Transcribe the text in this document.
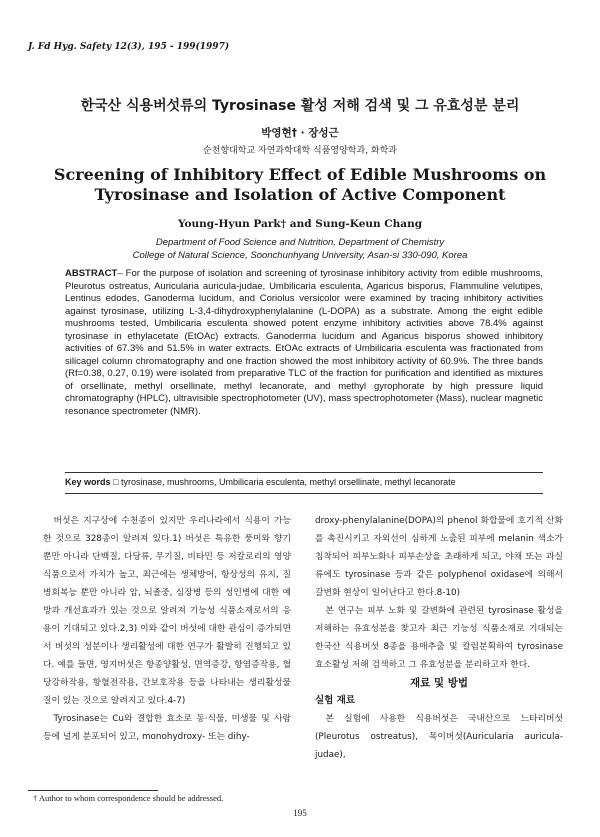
J. Fd Hyg. Safety 12(3), 195 - 199(1997)
한국산 식용버섯류의 Tyrosinase 활성 저해 검색 및 그 유효성분 분리
박영현† · 장성근
순천향대학교 자연과학대학 식품영양학과, 화학과
Screening of Inhibitory Effect of Edible Mushrooms on Tyrosinase and Isolation of Active Component
Young-Hyun Park† and Sung-Keun Chang
Department of Food Science and Nutrition, Department of Chemistry
College of Natural Science, Soonchunhyang University, Asan-si 330-090, Korea
ABSTRACT– For the purpose of isolation and screening of tyrosinase inhibitory activity from edible mushrooms, Pleurotus ostreatus, Auricularia auricula-judae, Umbilicaria esculenta, Agaricus bisporus, Flammuline velutipes, Lentinus edodes, Ganoderma lucidum, and Coriolus versicolor were examined by tracing inhibitory activities against tyrosinase, utilizing L-3,4-dihydroxyphenylalanine (L-DOPA) as a substrate. Among the eight edible mushrooms tested, Umbilicaria esculenta showed potent enzyme inhibitory activities above 78.4% against tyrosinase in ethylacetate (EtOAc) extracts. Ganoderma lucidum and Agaricus bisporus showed inhibitory activities of 67.3% and 51.5% in water extracts. EtOAc extracts of Umbilicaria esculenta was fractionated from silicagel column chromatography and one fraction showed the most inhibitory activity of 60.9%. The three bands (Rf=0.38, 0.27, 0.19) were isolated from preparative TLC of the fraction for purification and identified as mixtures of orsellinate, methyl orsellinate, methyl lecanorate, and methyl gyrophorate by high pressure liquid chromatography (HPLC), ultravisible spectrophotometer (UV), mass spectrophotometer (Mass), nuclear magnetic resonance spectrometer (NMR).
Key words □ tyrosinase, mushrooms, Umbilicaria esculenta, methyl orsellinate, methyl lecanorate

버섯은 지구상에 수천종이 있지만 우리나라에서 식용이 가능한 것으로 328종이 알려져 있다.1) 버섯은 특유한 풍미와 향기 뿐만 아니라 단백질, 다당류, 무기질, 비타민 등 저칼로리의 영양식품으로서 가치가 높고, 최근에는 생체방어, 항상성의 유지, 질병회복능 뿐만 아니라 암, 뇌졸중, 심장병 등의 성인병에 대한 예방과 개선효과가 있는 것으로 알려져 기능성 식품소재로서의 응용이 기대되고 있다.2,3) 이와 같이 버섯에 대한 관심이 증가되면서 버섯의 성분이나 생리활성에 대한 연구가 활발히 진행되고 있다. 예를 들면, 영지버섯은 항종양활성, 면역증강, 항염증작용, 혈당강하작용, 항혈전작용, 간보호작용 등을 나타내는 생리활성물질이 있는 것으로 알려지고 있다.4-7)

Tyrosinase는 Cu와 결합한 효소로 동·식물, 미생물 및 사람 등에 널게 분포되어 있고, monohydroxy- 또는 dihy-

droxy-phenylalanine(DOPA)의 phenol 화합물에 호기적 산화를 촉진시키고 자외선이 심하게 노출된 피부에 melanin 색소가 침착되어 피부노화나 피부손상을 초래하게 되고, 야채 또는 과실류에도 tyrosinase 등과 같은 polyphenol oxidase에 의해서 갈변화 현상이 일어난다고 한다.8-10)

본 연구는 피부 노화 및 갈변화에 관련된 tyrosinase 활성을 저해하는 유효성분을 찾고자 최근 기능성 식품소재로 기대되는 한국산 식용버섯 8종을 용매추출 및 칼럼분획하여 tyrosinase 효소활성 저해 검색하고 그 유효성분을 분리하고자 한다.

재료 및 방법

실험 재료

본 실험에 사용한 식용버섯은 국내산으로 느타리버섯 (Pleurotus ostreatus), 목이버섯(Auricularia auricula-judae),

† Author to whom correspondence should be addressed.
195
